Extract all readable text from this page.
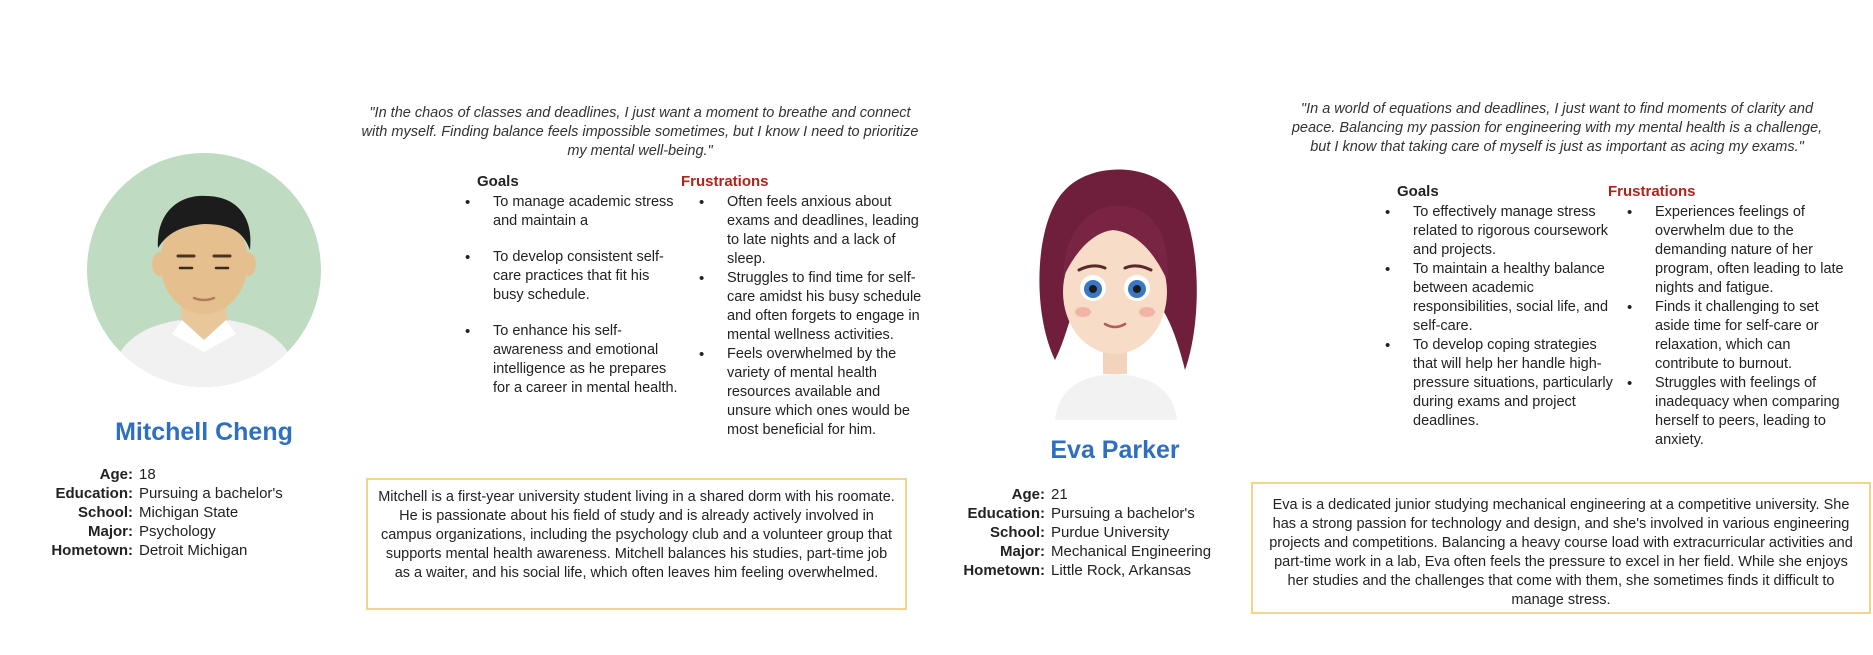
Mitchell Cheng
Age: 18
Education: Pursuing a bachelor's
School: Michigan State
Major: Psychology
Hometown: Detroit Michigan
"In the chaos of classes and deadlines, I just want a moment to breathe and connect with myself. Finding balance feels impossible sometimes, but I know I need to prioritize my mental well-being."
Goals	Frustrations
• To manage academic stress and maintain a
• To develop consistent self-care practices that fit his busy schedule.
• To enhance his self-awareness and emotional intelligence as he prepares for a career in mental health.
• Often feels anxious about exams and deadlines, leading to late nights and a lack of sleep.
• Struggles to find time for self-care amidst his busy schedule and often forgets to engage in mental wellness activities.
• Feels overwhelmed by the variety of mental health resources available and unsure which ones would be most beneficial for him.
Mitchell is a first-year university student living in a shared dorm with his roomate. He is passionate about his field of study and is already actively involved in campus organizations, including the psychology club and a volunteer group that supports mental health awareness. Mitchell balances his studies, part-time job as a waiter, and his social life, which often leaves him feeling overwhelmed.
Eva Parker
Age: 21
Education: Pursuing a bachelor's
School: Purdue University
Major: Mechanical Engineering
Hometown: Little Rock, Arkansas
"In a world of equations and deadlines, I just want to find moments of clarity and peace. Balancing my passion for engineering with my mental health is a challenge, but I know that taking care of myself is just as important as acing my exams."
Goals	Frustrations
• To effectively manage stress related to rigorous coursework and projects.
• To maintain a healthy balance between academic responsibilities, social life, and self-care.
• To develop coping strategies that will help her handle high-pressure situations, particularly during exams and project deadlines.
• Experiences feelings of overwhelm due to the demanding nature of her program, often leading to late nights and fatigue.
• Finds it challenging to set aside time for self-care or relaxation, which can contribute to burnout.
• Struggles with feelings of inadequacy when comparing herself to peers, leading to anxiety.
Eva is a dedicated junior studying mechanical engineering at a competitive university. She has a strong passion for technology and design, and she's involved in various engineering projects and competitions. Balancing a heavy course load with extracurricular activities and part-time work in a lab, Eva often feels the pressure to excel in her field. While she enjoys her studies and the challenges that come with them, she sometimes finds it difficult to manage stress.
